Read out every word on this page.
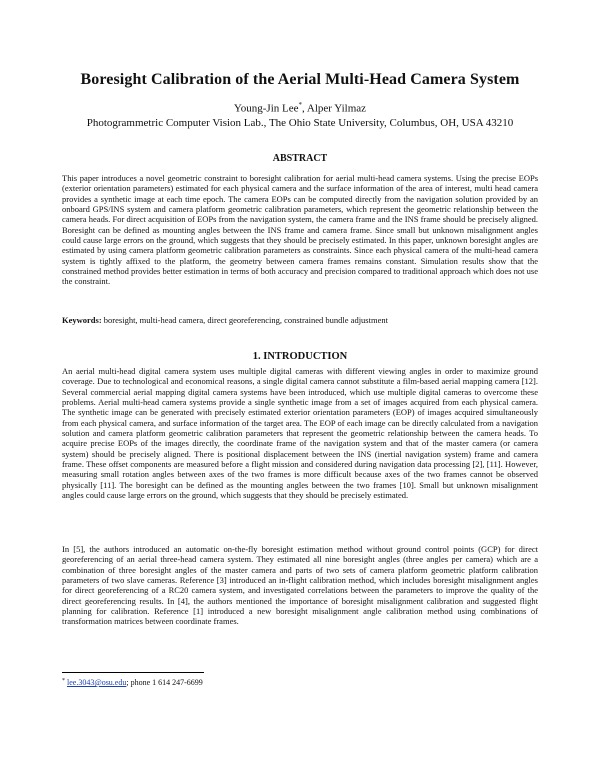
Boresight Calibration of the Aerial Multi-Head Camera System
Young-Jin Lee*, Alper Yilmaz
Photogrammetric Computer Vision Lab., The Ohio State University, Columbus, OH, USA 43210
ABSTRACT

This paper introduces a novel geometric constraint to boresight calibration for aerial multi-head camera systems. Using the precise EOPs (exterior orientation parameters) estimated for each physical camera and the surface information of the area of interest, multi head camera provides a synthetic image at each time epoch. The camera EOPs can be computed directly from the navigation solution provided by an onboard GPS/INS system and camera platform geometric calibration parameters, which represent the geometric relationship between the camera heads. For direct acquisition of EOPs from the navigation system, the camera frame and the INS frame should be precisely aligned. Boresight can be defined as mounting angles between the INS frame and camera frame. Since small but unknown misalignment angles could cause large errors on the ground, which suggests that they should be precisely estimated. In this paper, unknown boresight angles are estimated by using camera platform geometric calibration parameters as constraints. Since each physical camera of the multi-head camera system is tightly affixed to the platform, the geometry between camera frames remains constant. Simulation results show that the constrained method provides better estimation in terms of both accuracy and precision compared to traditional approach which does not use the constraint.

Keywords: boresight, multi-head camera, direct georeferencing, constrained bundle adjustment

1. INTRODUCTION

An aerial multi-head digital camera system uses multiple digital cameras with different viewing angles in order to maximize ground coverage. Due to technological and economical reasons, a single digital camera cannot substitute a film-based aerial mapping camera [12]. Several commercial aerial mapping digital camera systems have been introduced, which use multiple digital cameras to overcome these problems. Aerial multi-head camera systems provide a single synthetic image from a set of images acquired from each physical camera. The synthetic image can be generated with precisely estimated exterior orientation parameters (EOP) of images acquired simultaneously from each physical camera, and surface information of the target area. The EOP of each image can be directly calculated from a navigation solution and camera platform geometric calibration parameters that represent the geometric relationship between the camera heads. To acquire precise EOPs of the images directly, the coordinate frame of the navigation system and that of the master camera (or camera system) should be precisely aligned. There is positional displacement between the INS (inertial navigation system) frame and camera frame. These offset components are measured before a flight mission and considered during navigation data processing [2], [11]. However, measuring small rotation angles between axes of the two frames is more difficult because axes of the two frames cannot be observed physically [11]. The boresight can be defined as the mounting angles between the two frames [10]. Small but unknown misalignment angles could cause large errors on the ground, which suggests that they should be precisely estimated.

In [5], the authors introduced an automatic on-the-fly boresight estimation method without ground control points (GCP) for direct georeferencing of an aerial three-head camera system. They estimated all nine boresight angles (three angles per camera) which are a combination of three boresight angles of the master camera and parts of two sets of camera platform geometric platform calibration parameters of two slave cameras. Reference [3] introduced an in-flight calibration method, which includes boresight misalignment angles for direct georeferencing of a RC20 camera system, and investigated correlations between the parameters to improve the quality of the direct georeferencing results. In [4], the authors mentioned the importance of boresight misalignment calibration and suggested flight planning for calibration. Reference [1] introduced a new boresight misalignment angle calibration method using combinations of transformation matrices between coordinate frames.

* lee.3043@osu.edu; phone 1 614 247-6699
